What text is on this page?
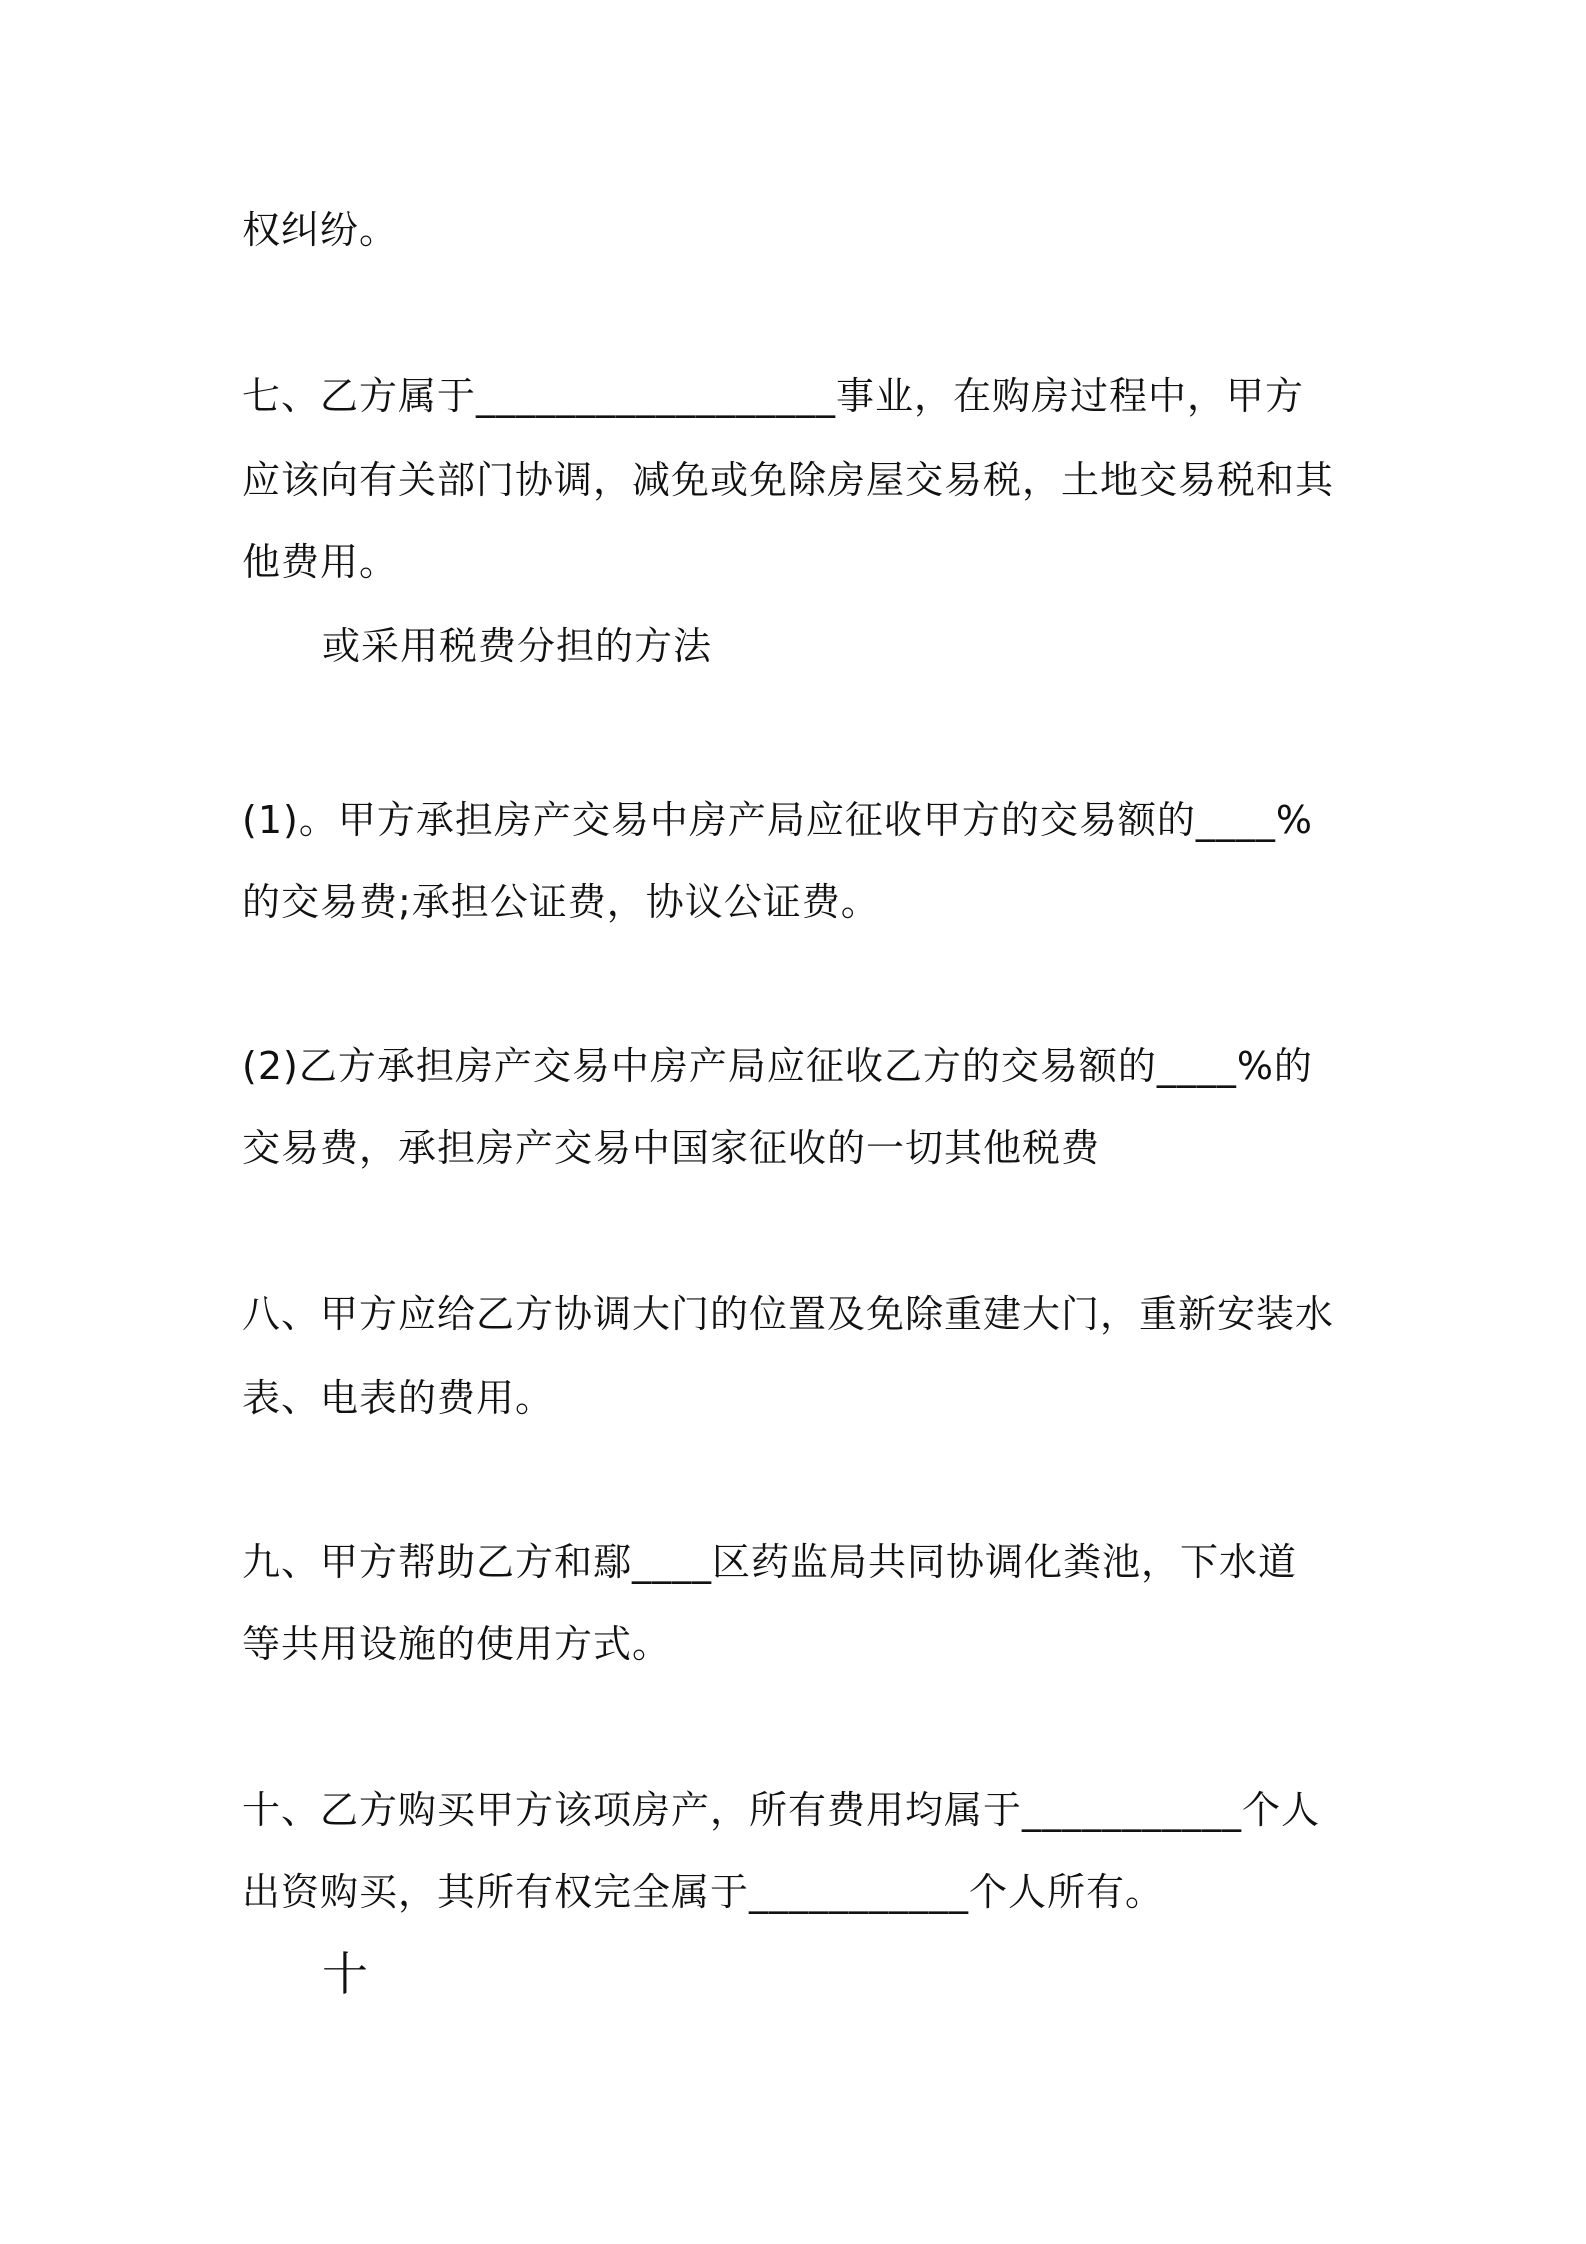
权纠纷。
七、乙方属于__________________事业，在购房过程中，甲方
应该向有关部门协调，减免或免除房屋交易税，土地交易税和其
他费用。
或采用税费分担的方法
(1)。甲方承担房产交易中房产局应征收甲方的交易额的____%
的交易费;承担公证费，协议公证费。
(2)乙方承担房产交易中房产局应征收乙方的交易额的____%的
交易费，承担房产交易中国家征收的一切其他税费
八、甲方应给乙方协调大门的位置及免除重建大门，重新安装水
表、电表的费用。
九、甲方帮助乙方和鄢____区药监局共同协调化粪池，下水道
等共用设施的使用方式。
十、乙方购买甲方该项房产，所有费用均属于___________个人
出资购买，其所有权完全属于___________个人所有。
十
